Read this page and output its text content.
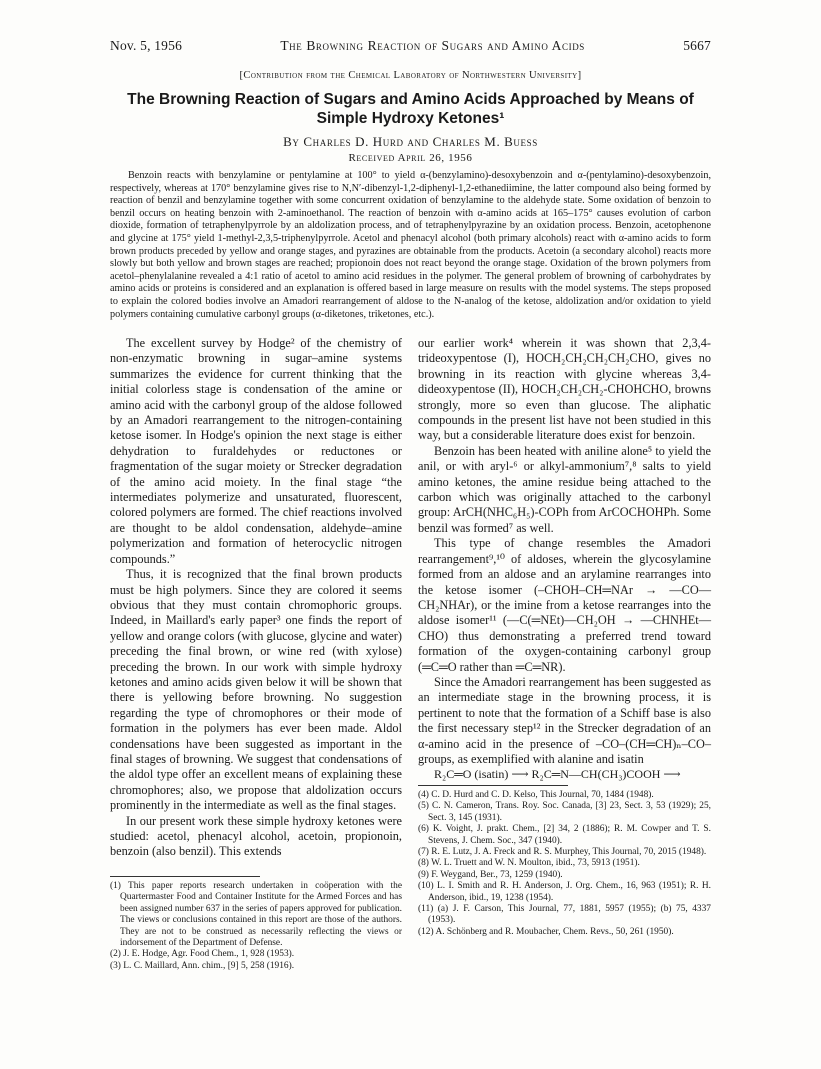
Nov. 5, 1956	The Browning Reaction of Sugars and Amino Acids	5667
[Contribution from the Chemical Laboratory of Northwestern University]
The Browning Reaction of Sugars and Amino Acids Approached by Means of Simple Hydroxy Ketones¹
By Charles D. Hurd and Charles M. Buess
Received April 26, 1956
Benzoin reacts with benzylamine or pentylamine at 100° to yield α-(benzylamino)-desoxybenzoin and α-(pentylamino)-desoxybenzoin, respectively, whereas at 170° benzylamine gives rise to N,N′-dibenzyl-1,2-diphenyl-1,2-ethanediimine, the latter compound also being formed by reaction of benzil and benzylamine together with some concurrent oxidation of benzylamine to the aldehyde state. Some oxidation of benzoin to benzil occurs on heating benzoin with 2-aminoethanol. The reaction of benzoin with α-amino acids at 165–175° causes evolution of carbon dioxide, formation of tetraphenylpyrrole by an aldolization process, and of tetraphenylpyrazine by an oxidation process. Benzoin, acetophenone and glycine at 175° yield 1-methyl-2,3,5-triphenylpyrrole. Acetol and phenacyl alcohol (both primary alcohols) react with α-amino acids to form brown products preceded by yellow and orange stages, and pyrazines are obtainable from the products. Acetoin (a secondary alcohol) reacts more slowly but both yellow and brown stages are reached; propionoin does not react beyond the orange stage. Oxidation of the brown polymers from acetol–phenylalanine revealed a 4:1 ratio of acetol to amino acid residues in the polymer. The general problem of browning of carbohydrates by amino acids or proteins is considered and an explanation is offered based in large measure on results with the model systems. The steps proposed to explain the colored bodies involve an Amadori rearrangement of aldose to the N-analog of the ketose, aldolization and/or oxidation to yield polymers containing cumulative carbonyl groups (α-diketones, triketones, etc.).

The excellent survey by Hodge² of the chemistry of non-enzymatic browning in sugar–amine systems summarizes the evidence for current thinking that the initial colorless stage is condensation of the amine or amino acid with the carbonyl group of the aldose followed by an Amadori rearrangement to the nitrogen-containing ketose isomer. In Hodge's opinion the next stage is either dehydration to furaldehydes or reductones or fragmentation of the sugar moiety or Strecker degradation of the amino acid moiety. In the final stage “the intermediates polymerize and unsaturated, fluorescent, colored polymers are formed. The chief reactions involved are thought to be aldol condensation, aldehyde–amine polymerization and formation of heterocyclic nitrogen compounds.”

Thus, it is recognized that the final brown products must be high polymers. Since they are colored it seems obvious that they must contain chromophoric groups. Indeed, in Maillard's early paper³ one finds the report of yellow and orange colors (with glucose, glycine and water) preceding the final brown, or wine red (with xylose) preceding the brown. In our work with simple hydroxy ketones and amino acids given below it will be shown that there is yellowing before browning. No suggestion regarding the type of chromophores or their mode of formation in the polymers has ever been made. Aldol condensations have been suggested as important in the final stages of browning. We suggest that condensations of the aldol type offer an excellent means of explaining these chromophores; also, we propose that aldolization occurs prominently in the intermediate as well as the final stages.

In our present work these simple hydroxy ketones were studied: acetol, phenacyl alcohol, acetoin, propionoin, benzoin (also benzil). This extends

our earlier work⁴ wherein it was shown that 2,3,4-trideoxypentose (I), HOCH₂CH₂CH₂CH₂CHO, gives no browning in its reaction with glycine whereas 3,4-dideoxypentose (II), HOCH₂CH₂CH₂-CHOHCHO, browns strongly, more so even than glucose. The aliphatic compounds in the present list have not been studied in this way, but a considerable literature does exist for benzoin.

Benzoin has been heated with aniline alone⁵ to yield the anil, or with aryl-⁶ or alkyl-ammonium⁷,⁸ salts to yield amino ketones, the amine residue being attached to the carbon which was originally attached to the carbonyl group: ArCH(NHC₆H₅)-COPh from ArCOCHOHPh. Some benzil was formed⁷ as well.

This type of change resembles the Amadori rearrangement⁹,¹⁰ of aldoses, wherein the glycosylamine formed from an aldose and an arylamine rearranges into the ketose isomer (–CHOH–CH═NAr → —CO—CH₂NHAr), or the imine from a ketose rearranges into the aldose isomer¹¹ (—C(═NEt)—CH₂OH → —CHNHEt—CHO) thus demonstrating a preferred trend toward formation of the oxygen-containing carbonyl group (═C═O rather than ═C═NR).

Since the Amadori rearrangement has been suggested as an intermediate stage in the browning process, it is pertinent to note that the formation of a Schiff base is also the first necessary step¹² in the Strecker degradation of an α-amino acid in the presence of –CO–(CH═CH)ₙ–CO– groups, as exemplified with alanine and isatin

R₂C═O (isatin) ⟶ R₂C═N—CH(CH₃)COOH ⟶

(1) This paper reports research undertaken in coöperation with the Quartermaster Food and Container Institute for the Armed Forces and has been assigned number 637 in the series of papers approved for publication. The views or conclusions contained in this report are those of the authors. They are not to be construed as necessarily reflecting the views or indorsement of the Department of Defense.

(2) J. E. Hodge, Agr. Food Chem., 1, 928 (1953).

(3) L. C. Maillard, Ann. chim., [9] 5, 258 (1916).

(4) C. D. Hurd and C. D. Kelso, This Journal, 70, 1484 (1948).

(5) C. N. Cameron, Trans. Roy. Soc. Canada, [3] 23, Sect. 3, 53 (1929); 25, Sect. 3, 145 (1931).

(6) K. Voight, J. prakt. Chem., [2] 34, 2 (1886); R. M. Cowper and T. S. Stevens, J. Chem. Soc., 347 (1940).

(7) R. E. Lutz, J. A. Freck and R. S. Murphey, This Journal, 70, 2015 (1948).

(8) W. L. Truett and W. N. Moulton, ibid., 73, 5913 (1951).

(9) F. Weygand, Ber., 73, 1259 (1940).

(10) L. I. Smith and R. H. Anderson, J. Org. Chem., 16, 963 (1951); R. H. Anderson, ibid., 19, 1238 (1954).

(11) (a) J. F. Carson, This Journal, 77, 1881, 5957 (1955); (b) 75, 4337 (1953).

(12) A. Schönberg and R. Moubacher, Chem. Revs., 50, 261 (1950).
